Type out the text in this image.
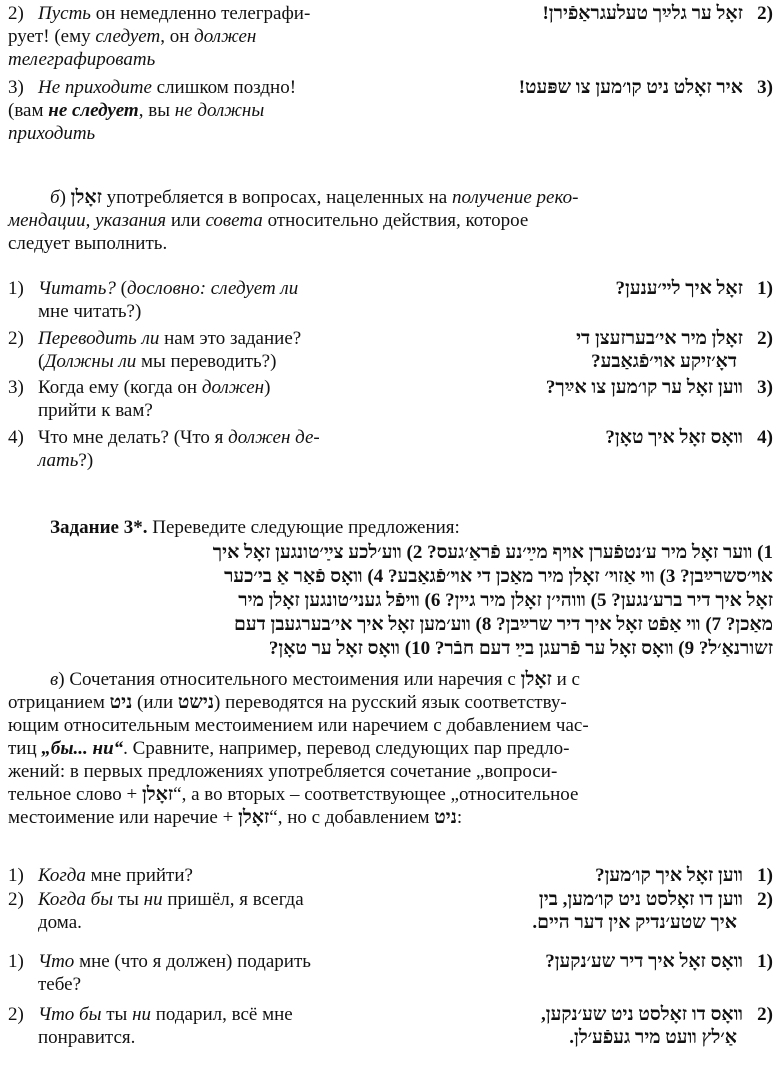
2) Пусть он немедленно телеграфи-
рует! (ему следует, он должен
телеграфировать
(2   זאָל ער גלײַך טעלעגראַפֿירן!
3) Не приходите слишком поздно!
(вам не следует, вы не должны
приходить
(3   איר זאָלט ניט קו׳מען צו שפּעט!
б) זאָלן употребляется в вопросах, нацеленных на получение реко-
мендации, указания или совета относительно действия, которое
следует выполнить.
1) Читать? (дословно: следует ли
мне читать?)
(1   זאָל איך לײ׳ענען?
2) Переводить ли нам это задание?
(Должны ли мы переводить?)
(2   זאָלן מיר אי׳בערזעצן די
דאָ׳זיקע אױ׳פֿגאַבע?
3) Когда ему (когда он должен)
прийти к вам?
(3   װען זאָל ער קו׳מען צו אײַך?
4) Что мне делать? (Что я должен де-
лать?)
(4   װאָס זאָל איך טאָן?
Задание 3*. Переведите следующие предложения:
1) װער זאָל מיר ע׳נטפֿערן אױף מײַ׳נע פֿראַ׳געס? 2) װע׳לכע צײַ׳טונגען זאָל איך
אױ׳סשרײַבן? 3) װי אַזױ׳ זאָלן מיר מאַכן די אױ׳פֿגאַבע? 4) װאָס פֿאַר אַ בי׳כער
זאָל איך דיר ברע׳נגען? 5) װוהי׳ן זאָלן מיר גײן? 6) װיפֿל געני׳טונגען זאָלן מיר
מאַכן? 7) װי אַפֿט זאָל איך דיר שרײַבן? 8) װע׳מען זאָל איך אי׳בערגעבן דעם
זשורנאַ׳ל? 9) װאָס זאָל ער פֿרעגן בײַ דעם חבֿר? 10) װאָס זאָל ער טאָן?
в) Сочетания относительного местоимения или наречия с זאָלן и с
отрицанием ניט (или נישט) переводятся на русский язык соответству-
ющим относительным местоимением или наречием с добавлением час-
тиц „бы... ни“. Сравните, например, перевод следующих пар предло-
жений: в первых предложениях употребляется сочетание „вопроси-
тельное слово + זאָלן“, а во вторых – соответствующее „относительное
местоимение или наречие + זאָלן“, но с добавлением ניט:
1) Когда мне прийти?	(1   װען זאָל איך קו׳מען?
2) Когда бы ты ни пришёл, я всегда
дома.
(2   װען דו זאָלסט ניט קו׳מען, בין
איך שטע׳נדיק אין דער הײם.
1) Что мне (что я должен) подарить
тебе?
(1   װאָס זאָל איך דיר שע׳נקען?
2) Что бы ты ни подарил, всё мне
понравится.
(2   װאָס דו זאָלסט ניט שע׳נקען,
אַ׳לץ װעט מיר געפֿע׳לן.
